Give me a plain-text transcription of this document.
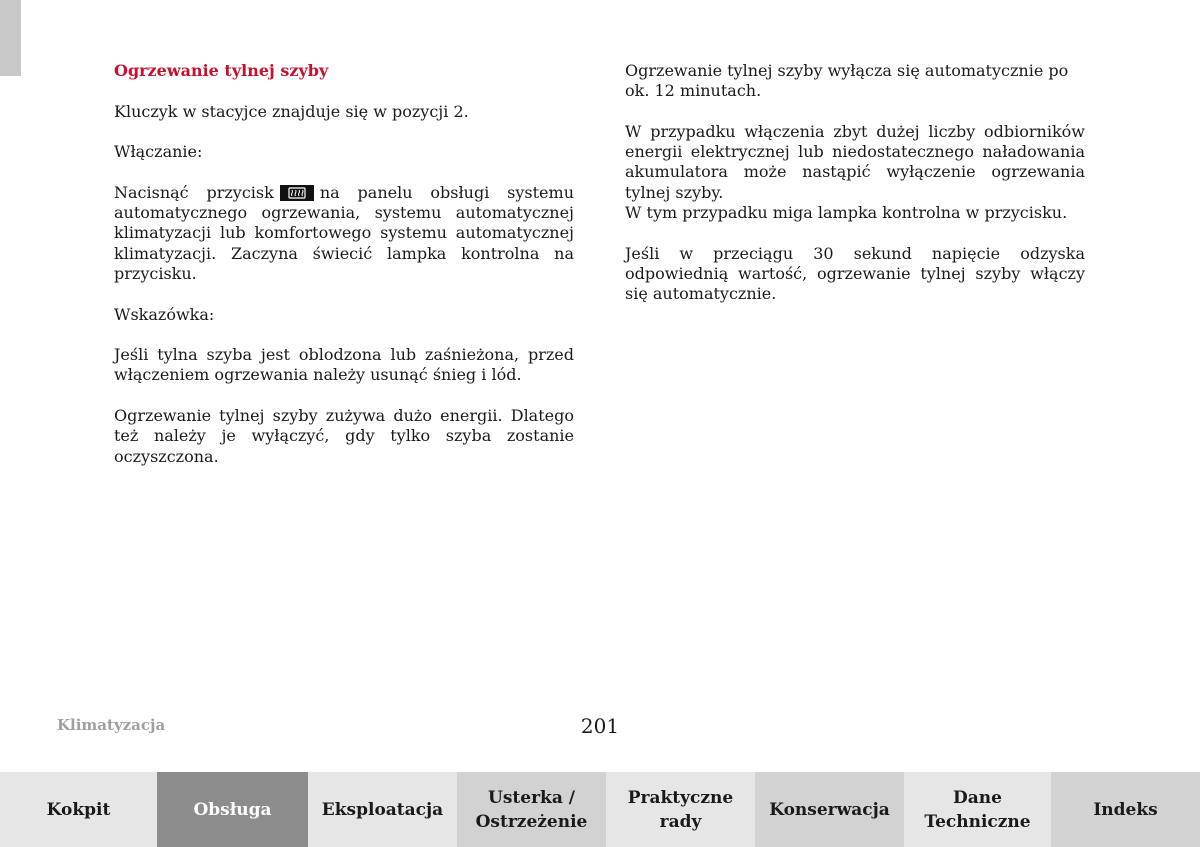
Ogrzewanie tylnej szyby

Kluczyk w stacyjce znajduje się w pozycji 2.

Włączanie:

Nacisnąć przycisk	na panelu obsługi systemu automatycznego ogrzewania, systemu automatycznej klimatyzacji lub komfortowego systemu automatycznej klimatyzacji. Zaczyna świecić lampka kontrolna na przycisku.

Wskazówka:

Jeśli tylna szyba jest oblodzona lub zaśnieżona, przed włączeniem ogrzewania należy usunąć śnieg i lód.

Ogrzewanie tylnej szyby zużywa dużo energii. Dlatego też należy je wyłączyć, gdy tylko szyba zostanie oczyszczona.

Ogrzewanie tylnej szyby wyłącza się automatycznie po ok. 12 minutach.

W przypadku włączenia zbyt dużej liczby odbiorników energii elektrycznej lub niedostatecznego naładowania akumulatora może nastąpić wyłączenie ogrzewania tylnej szyby.
W tym przypadku miga lampka kontrolna w przycisku.

Jeśli w przeciągu 30 sekund napięcie odzyska odpowiednią wartość, ogrzewanie tylnej szyby włączy się automatycznie.

Klimatyzacja	201
Kokpit	Obsługa	Eksploatacja
Usterka /
Ostrzeżenie
Praktyczne
rady
Konserwacja
Dane
Techniczne
Indeks
